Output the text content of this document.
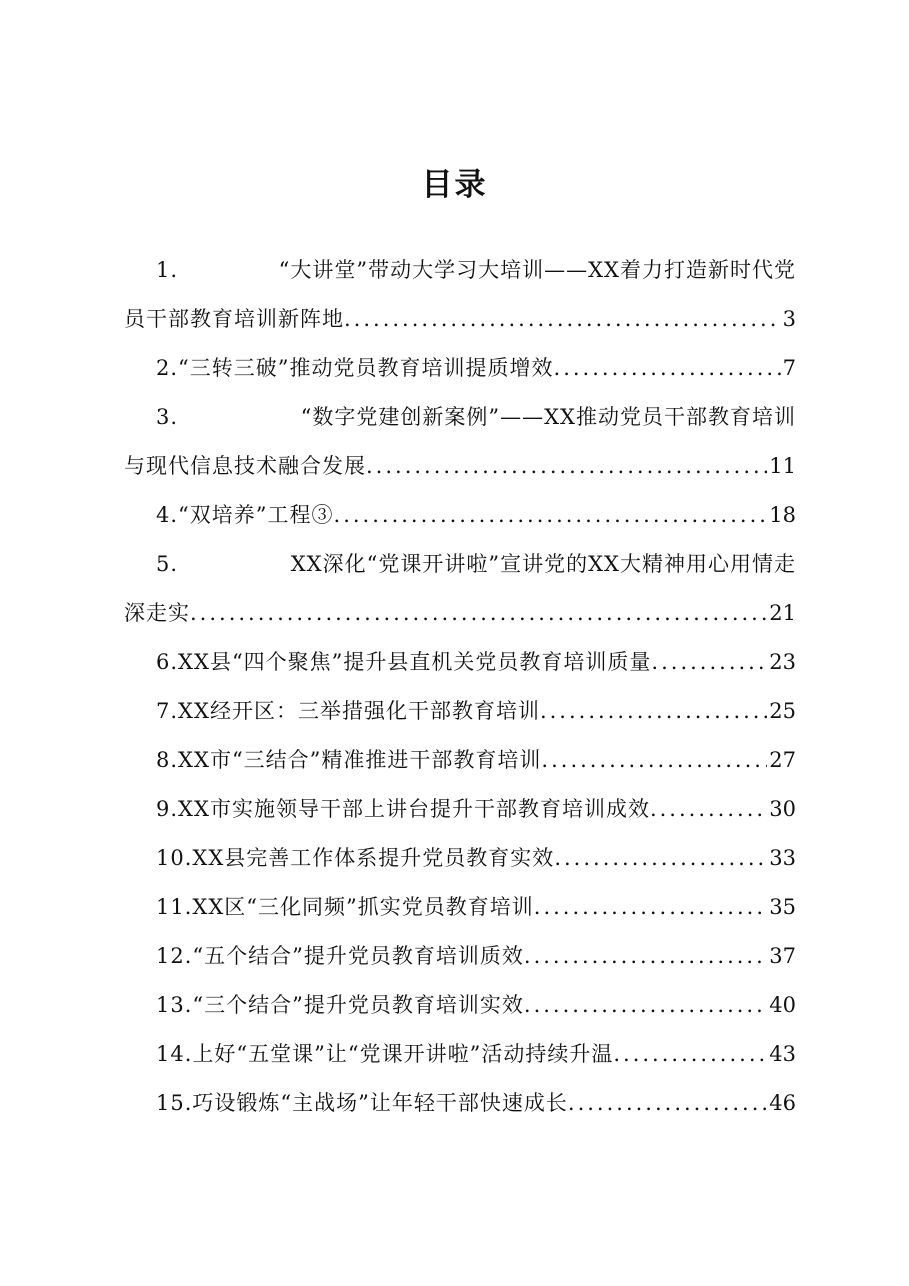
目录
1.	“大讲堂”带动大学习大培训——XX着力打造新时代党
员干部教育培训新阵地 .....	3
2. “三转三破”推动党员教育培训提质增效 .....	7
3.	“数字党建创新案例”——XX推动党员干部教育培训
与现代信息技术融合发展 .....	11
4. “双培养”工程③ .....	18
5.	XX深化“党课开讲啦”宣讲党的XX大精神用心用情走
深走实 .....	21
6. XX县“四个聚焦”提升县直机关党员教育培训质量 .....	23
7. XX经开区：三举措强化干部教育培训 .....	25
8. XX市“三结合”精准推进干部教育培训 .....	27
9. XX市实施领导干部上讲台提升干部教育培训成效 .....	30
10. XX县完善工作体系提升党员教育实效 .....	33
11. XX区“三化同频”抓实党员教育培训 .....	35
12. “五个结合”提升党员教育培训质效 .....	37
13. “三个结合”提升党员教育培训实效 .....	40
14. 上好“五堂课”让“党课开讲啦”活动持续升温 .....	43
15. 巧设锻炼“主战场”让年轻干部快速成长 .....	46
